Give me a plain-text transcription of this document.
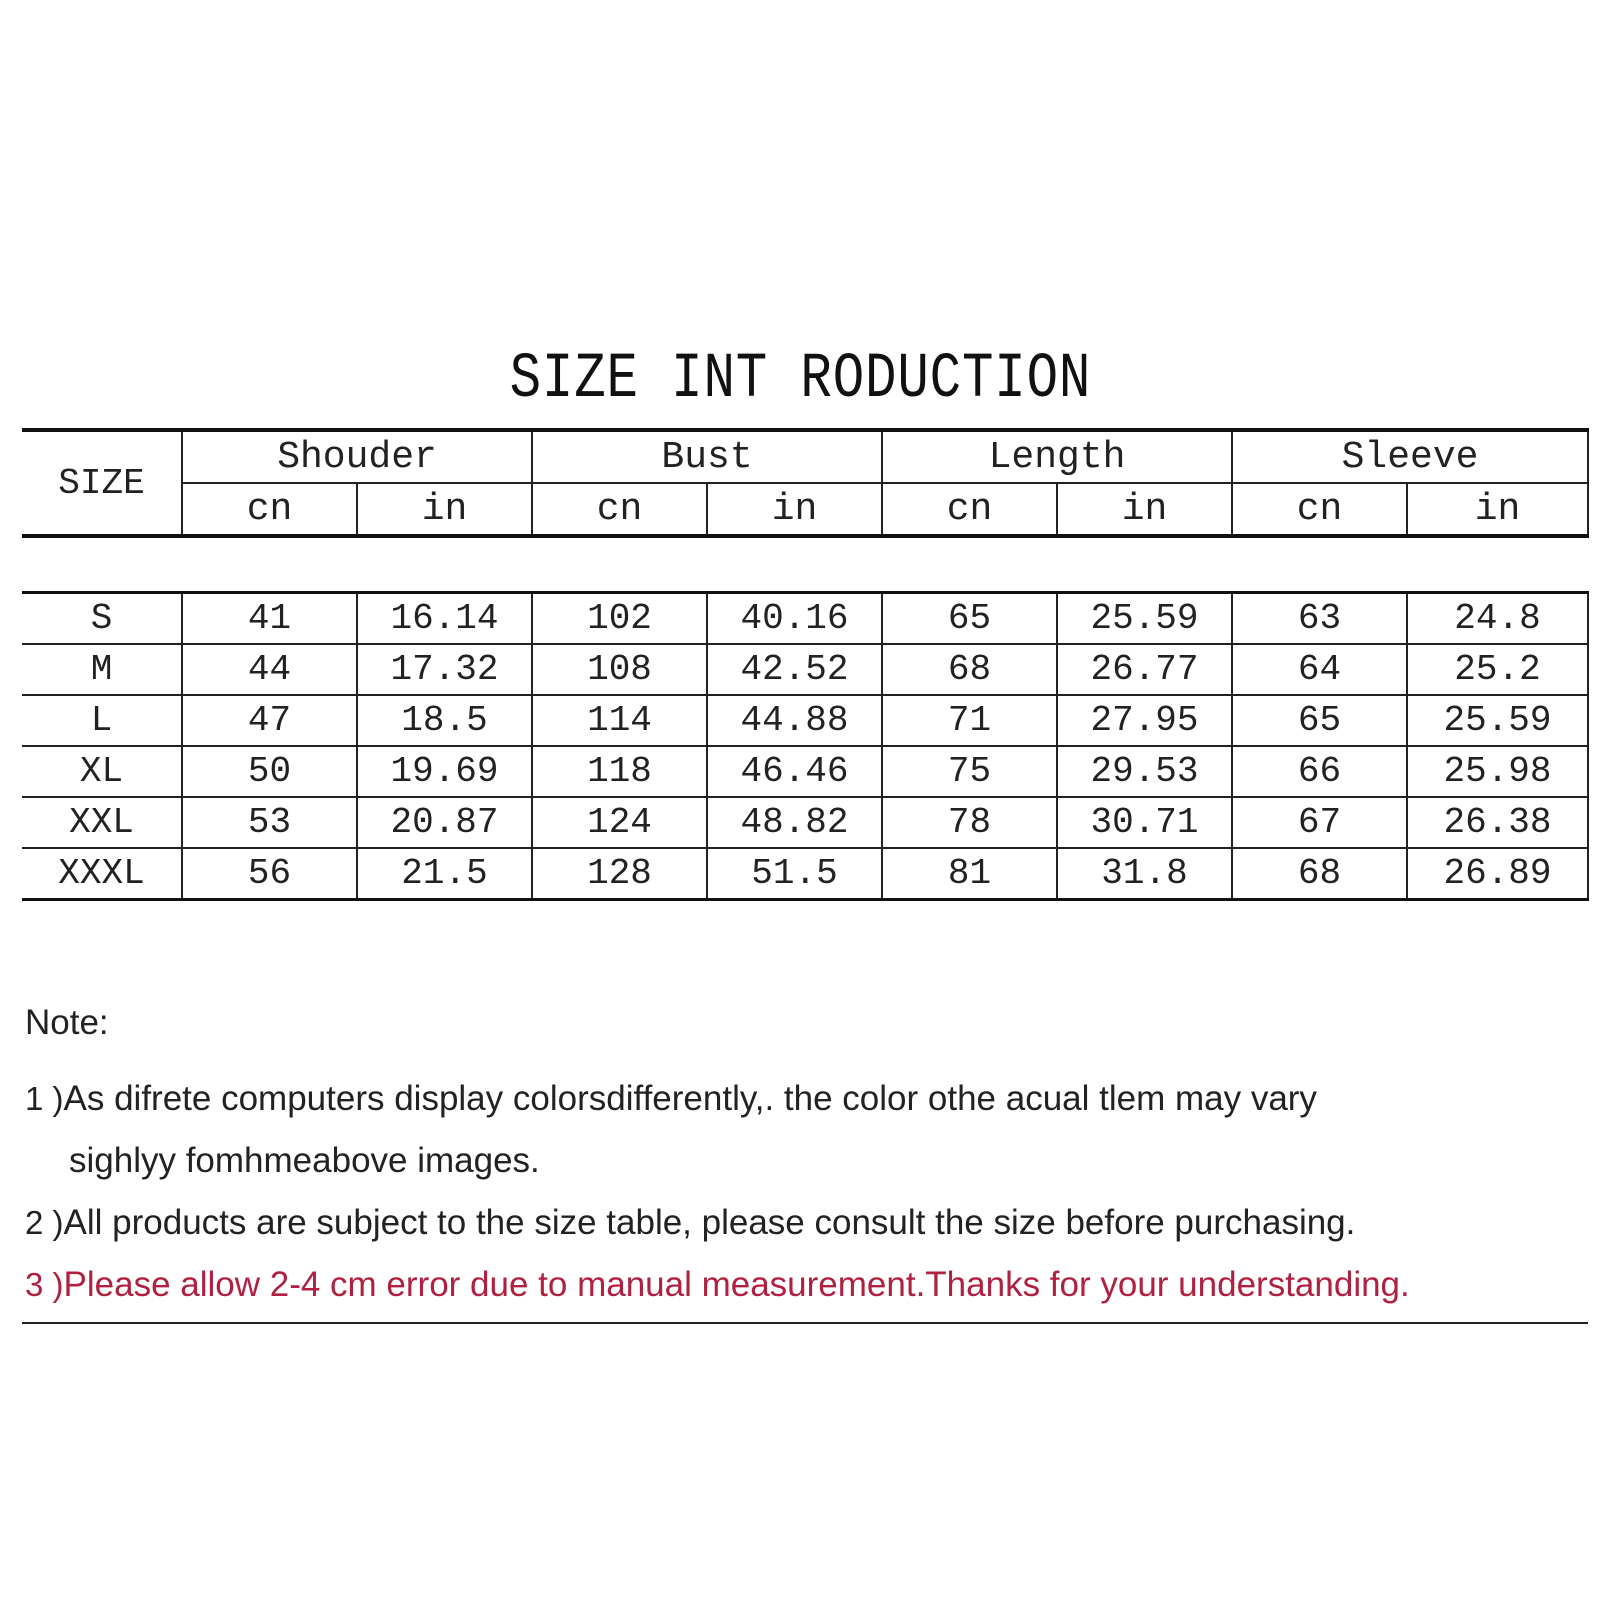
SIZE INT RODUCTION
SIZE	Shouder		Bust		Length		Sleeve	
	cn	in	cn	in	cn	in	cn	in
S	41	16.14	102	40.16	65	25.59	63	24.8
M	44	17.32	108	42.52	68	26.77	64	25.2
L	47	18.5	114	44.88	71	27.95	65	25.59
XL	50	19.69	118	46.46	75	29.53	66	25.98
XXL	53	20.87	124	48.82	78	30.71	67	26.38
XXXL	56	21.5	128	51.5	81	31.8	68	26.89

Note:

1 )As difrete computers display colorsdifferently,. the color othe acual tlem may vary

sighlyy fomhmeabove images.

2 )All products are subject to the size table, please consult the size before purchasing.

3 )Please allow 2-4 cm error due to manual measurement.Thanks for your understanding.
